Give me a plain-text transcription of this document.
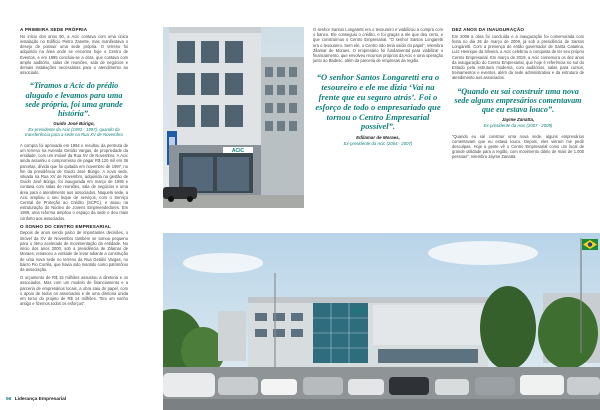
A PRIMEIRA SEDE PRÓPRIA
No início dos anos 90, a Acic contava com uma única instalação no Edifício Pietro Zanette, mas manifestava o desejo de possuir uma sede própria. O terreno foi adquirido na área onde se encontra hoje o Centro de Eventos, e em 1995 concluiu-se a obra, que contava com amplo auditório, salas de reuniões, sala de negócios e demais instalações necessárias para o atendimento ao associado.
“Tiramos a Acic do prédio alugado e levamos para uma sede própria, foi uma grande história”.
Guido José Búrigo,
Ex-presidente da Acic (1993 - 1997), quando da transferência para a sede na Rua XV de Novembro
A compra foi aprovada em 1994 e resultou da permuta de um terreno na Avenida Getúlio Vargas, de propriedade da entidade, com um imóvel da Rua XV de Novembro. A Acic ainda assumiu o compromisso de pagar R$ 120 mil em 36 parcelas, dívida que foi quitada em novembro de 1997, no fim da presidência de Guido José Búrigo. A nova sede, situada na Rua XV de Novembro, adquirida na gestão de Guido José Búrigo, foi inaugurada em março de 1995 e contava com salas de reuniões, sala de negócios e uma área para o atendimento aos associados. Naquela sede, a Acic ampliou o seu leque de serviços, com o Serviço Central de Proteção ao Crédito (SCPC), e atuou na estruturação do Núcleo de Jovens Empreendedores. Em 1999, uma reforma ampliou o espaço da sede e deu mais conforto aos associados.
O SONHO DO CENTRO EMPRESARIAL
Depois de anos sendo palco de importantes decisões, o imóvel da XV de Novembro também se tornou pequeno para o ritmo acelerado de movimentação da entidade. No início dos anos 2000, sob a presidência de Zilamar de Moraes, renasceu a vontade de levar adiante a construção de uma nova sede no terreno da Rua Getúlio Vargas, no bairro Pio Corrêa, que havia sido mantido como patrimônio da associação.
O orçamento de R$ 15 milhões assustou a diretoria e os associados. Mas com um modelo de financiamento e a parceria de empresários locais, a obra saiu do papel, com o apoio de todos os associados e de uma diretoria unida em torno do projeto de R$ 14 milhões. “Era um sonho antigo e fizemos todos os esforços”.
ACIC
O senhor Santos Longaretti era o tesoureiro e viabilizou a compra com o banco. Ele conseguiu o crédito, e foi graças a ele que deu certo, e que construímos o Centro Empresarial. “O senhor Santos Longaretti era o tesoureiro. Sem ele, o Centro não teria saído do papel”, relembra Zilamar de Moraes. O empresário foi fundamental para viabilizar o financiamento, que envolveu recursos próprios da Acic e uma operação junto ao Badesc, além da parceria de empresas da região.
“O senhor Santos Longaretti era o tesoureiro e ele me dizia ‘Vai na frente que eu seguro atrás’. Foi o esforço de todo o empresariado que tornou o Centro Empresarial possível”.
Edilamar de Moraes,
Ex-presidente da Acic (2004 - 2007)
DEZ ANOS DA INAUGURAÇÃO
Em 2008 a obra foi concluída e a inauguração foi comemorada com festa no dia 26 de março de 2009, já sob a presidência de Santos Longaretti. Com a presença do então governador de Santa Catarina, Luiz Henrique da Silveira, a Acic celebrou a conquista de ter seu próprio Centro Empresarial. Em março de 2019, a Acic comemora os dez anos da inauguração do Centro Empresarial, que hoje é referência no sul do Estado pela estrutura moderna, com auditórios, salas para cursos, treinamentos e eventos, além da sede administrativa e da estrutura de atendimento aos associados.
“Quando eu sai construir uma nova sede alguns empresários comentavam que eu estava louco”.
Jayme Zanatta,
Ex-presidente da Acic (2007 - 2009)
“Quando eu saí construir uma nova sede, alguns empresários comentavam que eu estava louco. Depois, eles vieram me pedir desculpas. Hoje a gente vê o Centro Empresarial como um local de grande utilidade para a região, com movimento diário de mais de 1.000 pessoas”, relembra Jayme Zanatta.
ACIC
56 Liderança Empresarial
